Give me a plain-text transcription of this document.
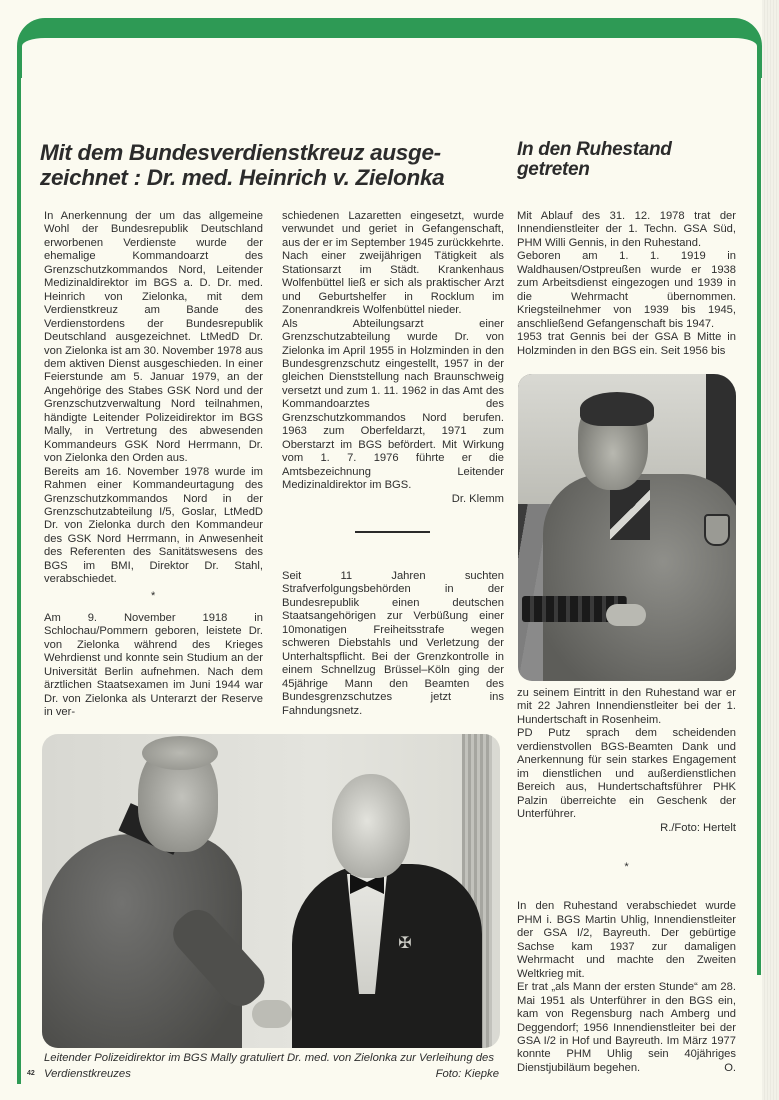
Mit dem Bundesverdienstkreuz ausge-
zeichnet : Dr. med. Heinrich v. Zielonka
In den Ruhestand
getreten

In Anerkennung der um das allgemeine Wohl der Bundesrepublik Deutschland erworbenen Verdienste wurde der ehemalige Kommandoarzt des Grenzschutzkommandos Nord, Leitender Medizinaldirektor im BGS a. D. Dr. med. Heinrich von Zielonka, mit dem Verdienstkreuz am Bande des Verdienstordens der Bundesrepublik Deutschland ausgezeichnet. LtMedD Dr. von Zielonka ist am 30. November 1978 aus dem aktiven Dienst ausgeschieden. In einer Feierstunde am 5. Januar 1979, an der Angehörige des Stabes GSK Nord und der Grenzschutzverwaltung Nord teilnahmen, händigte Leitender Polizeidirektor im BGS Mally, in Vertretung des abwesenden Kommandeurs GSK Nord Herrmann, Dr. von Zielonka den Orden aus.

Bereits am 16. November 1978 wurde im Rahmen einer Kommandeurtagung des Grenzschutzkommandos Nord in der Grenzschutzabteilung I/5, Goslar, LtMedD Dr. von Zielonka durch den Kommandeur des GSK Nord Herrmann, in Anwesenheit des Referenten des Sanitätswesens des BGS im BMI, Direktor Dr. Stahl, verabschiedet.

*

Am 9. November 1918 in Schlochau/Pommern geboren, leistete Dr. von Zielonka während des Krieges Wehrdienst und konnte sein Studium an der Universität Berlin aufnehmen. Nach dem ärztlichen Staatsexamen im Juni 1944 war Dr. von Zielonka als Unterarzt der Reserve in ver-

schiedenen Lazaretten eingesetzt, wurde verwundet und geriet in Gefangenschaft, aus der er im September 1945 zurückkehrte. Nach einer zweijährigen Tätigkeit als Stationsarzt im Städt. Krankenhaus Wolfenbüttel ließ er sich als praktischer Arzt und Geburtshelfer in Rocklum im Zonenrandkreis Wolfenbüttel nieder.

Als Abteilungsarzt einer Grenzschutzabteilung wurde Dr. von Zielonka im April 1955 in Holzminden in den Bundesgrenzschutz eingestellt, 1957 in der gleichen Dienststellung nach Braunschweig versetzt und zum 1. 11. 1962 in das Amt des Kommandoarztes des Grenzschutzkommandos Nord berufen. 1963 zum Oberfeldarzt, 1971 zum Oberstarzt im BGS befördert. Mit Wirkung vom 1. 7. 1976 führte er die Amtsbezeichnung Leitender Medizinaldirektor im BGS.

Dr. Klemm

Seit 11 Jahren suchten Strafverfolgungsbehörden in der Bundesrepublik einen deutschen Staatsangehörigen zur Verbüßung einer 10monatigen Freiheitsstrafe wegen schweren Diebstahls und Verletzung der Unterhaltspflicht. Bei der Grenzkontrolle in einem Schnellzug Brüssel–Köln ging der 45jährige Mann den Beamten des Bundesgrenzschutzes jetzt ins Fahndungsnetz.

Mit Ablauf des 31. 12. 1978 trat der Innendienstleiter der 1. Techn. GSA Süd, PHM Willi Gennis, in den Ruhestand.

Geboren am 1. 1. 1919 in Waldhausen/Ostpreußen wurde er 1938 zum Arbeitsdienst eingezogen und 1939 in die Wehrmacht übernommen. Kriegsteilnehmer von 1939 bis 1945, anschließend Gefangenschaft bis 1947.

1953 trat Gennis bei der GSA B Mitte in Holzminden in den BGS ein. Seit 1956 bis

zu seinem Eintritt in den Ruhestand war er mit 22 Jahren Innendienstleiter bei der 1. Hundertschaft in Rosenheim.

PD Putz sprach dem scheidenden verdienstvollen BGS-Beamten Dank und Anerkennung für sein starkes Engagement im dienstlichen und außerdienstlichen Bereich aus, Hundertschaftsführer PHK Palzin überreichte ein Geschenk der Unterführer.

R./Foto: Hertelt

*

In den Ruhestand verabschiedet wurde PHM i. BGS Martin Uhlig, Innendienstleiter der GSA I/2, Bayreuth. Der gebürtige Sachse kam 1937 zur damaligen Wehrmacht und machte den Zweiten Weltkrieg mit.

Er trat „als Mann der ersten Stunde“ am 28. Mai 1951 als Unterführer in den BGS ein, kam von Regensburg nach Amberg und Deggendorf; 1956 Innendienstleiter bei der GSA I/2 in Hof und Bayreuth. Im März 1977 konnte PHM Uhlig sein 40jähriges Dienstjubiläum begehen.	O.

✠
Leitender Polizeidirektor im BGS Mally gratuliert Dr. med. von Zielonka zur Verleihung des
Verdienstkreuzes	Foto: Kiepke
42
